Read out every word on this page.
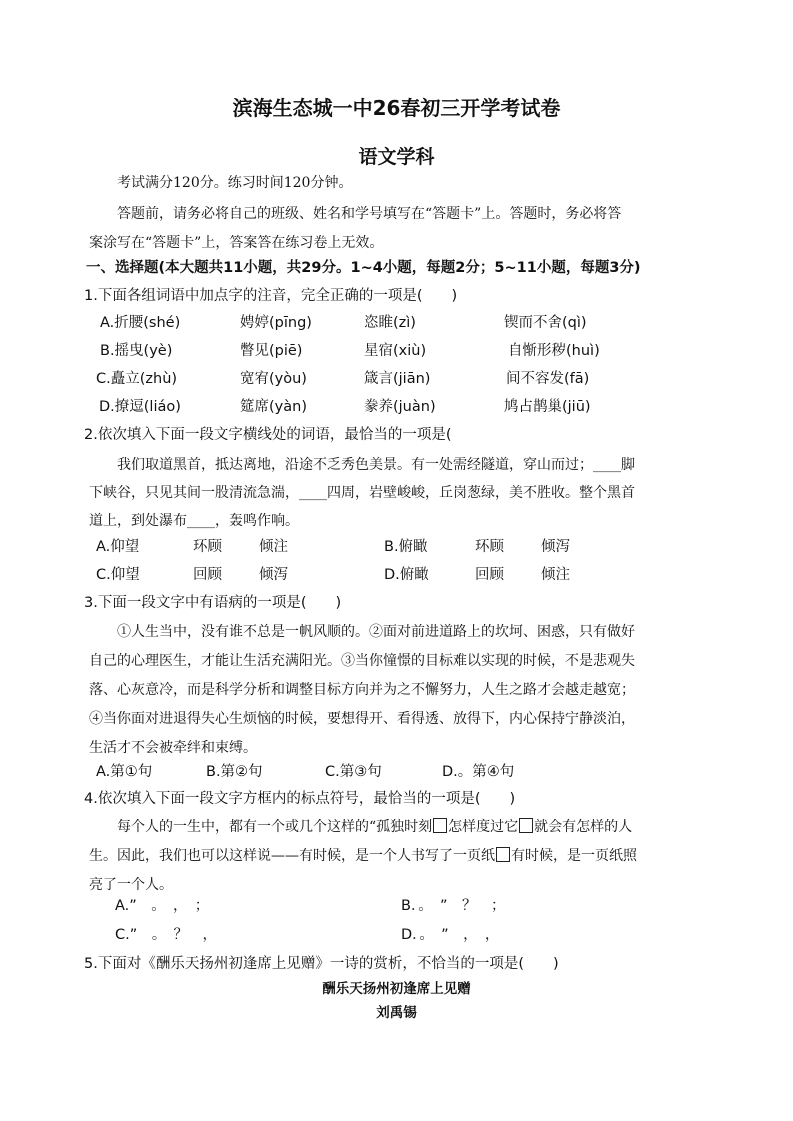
滨海生态城一中26春初三开学考试卷
语文学科
考试满分120分。练习时间120分钟。
答题前，请务必将自己的班级、姓名和学号填写在“答题卡”上。答题时，务必将答
案涂写在“答题卡”上，答案答在练习卷上无效。
一、选择题(本大题共11小题，共29分。1~4小题，每题2分；5~11小题，每题3分)
1.下面各组词语中加点字的注音，完全正确的一项是(　　)
A.折腰(shé)	娉婷(pīng)	恣睢(zì)	锲而不舍(qì)
B.摇曳(yè)	瞥见(piē)	星宿(xiù)	自惭形秽(huì)
C.矗立(zhù)	宽宥(yòu)	箴言(jiān)	间不容发(fā)
D.撩逗(liáo)	筵席(yàn)	豢养(juàn)	鸠占鹊巢(jiū)
2.依次填入下面一段文字横线处的词语，最恰当的一项是(
我们取道黑首，抵达离地，沿途不乏秀色美景。有一处需经隧道，穿山而过；____脚
下峡谷，只见其间一股清流急湍，____四周，岩壁峻峻，丘岗葱绿，美不胜收。整个黑首
道上，到处瀑布____，轰鸣作响。
A.仰望	环顾	倾注	B.俯瞰	环顾	倾泻
C.仰望	回顾	倾泻	D.俯瞰	回顾	倾注
3.下面一段文字中有语病的一项是(　　)
①人生当中，没有谁不总是一帆风顺的。②面对前进道路上的坎坷、困惑，只有做好
自己的心理医生，才能让生活充满阳光。③当你憧憬的目标难以实现的时候，不是悲观失
落、心灰意冷，而是科学分析和调整目标方向并为之不懈努力，人生之路才会越走越宽；
④当你面对进退得失心生烦恼的时候，要想得开、看得透、放得下，内心保持宁静淡泊，
生活才不会被牵绊和束缚。
A.第①句	B.第②句	C.第③句	D.。第④句
4.依次填入下面一段文字方框内的标点符号，最恰当的一项是(　　)
每个人的一生中，都有一个或几个这样的“孤独时刻 怎样度过它 就会有怎样的人
生。因此，我们也可以这样说——有时候，是一个人书写了一页纸 有时候，是一页纸照
亮了一个人。
A.”　。　，　；	B．。　”　？　；
C.”　。　？　，	D．。　”　，　，
5.下面对《酬乐天扬州初逢席上见赠》一诗的赏析，不恰当的一项是(　　)
酬乐天扬州初逢席上见赠
刘禹锡
